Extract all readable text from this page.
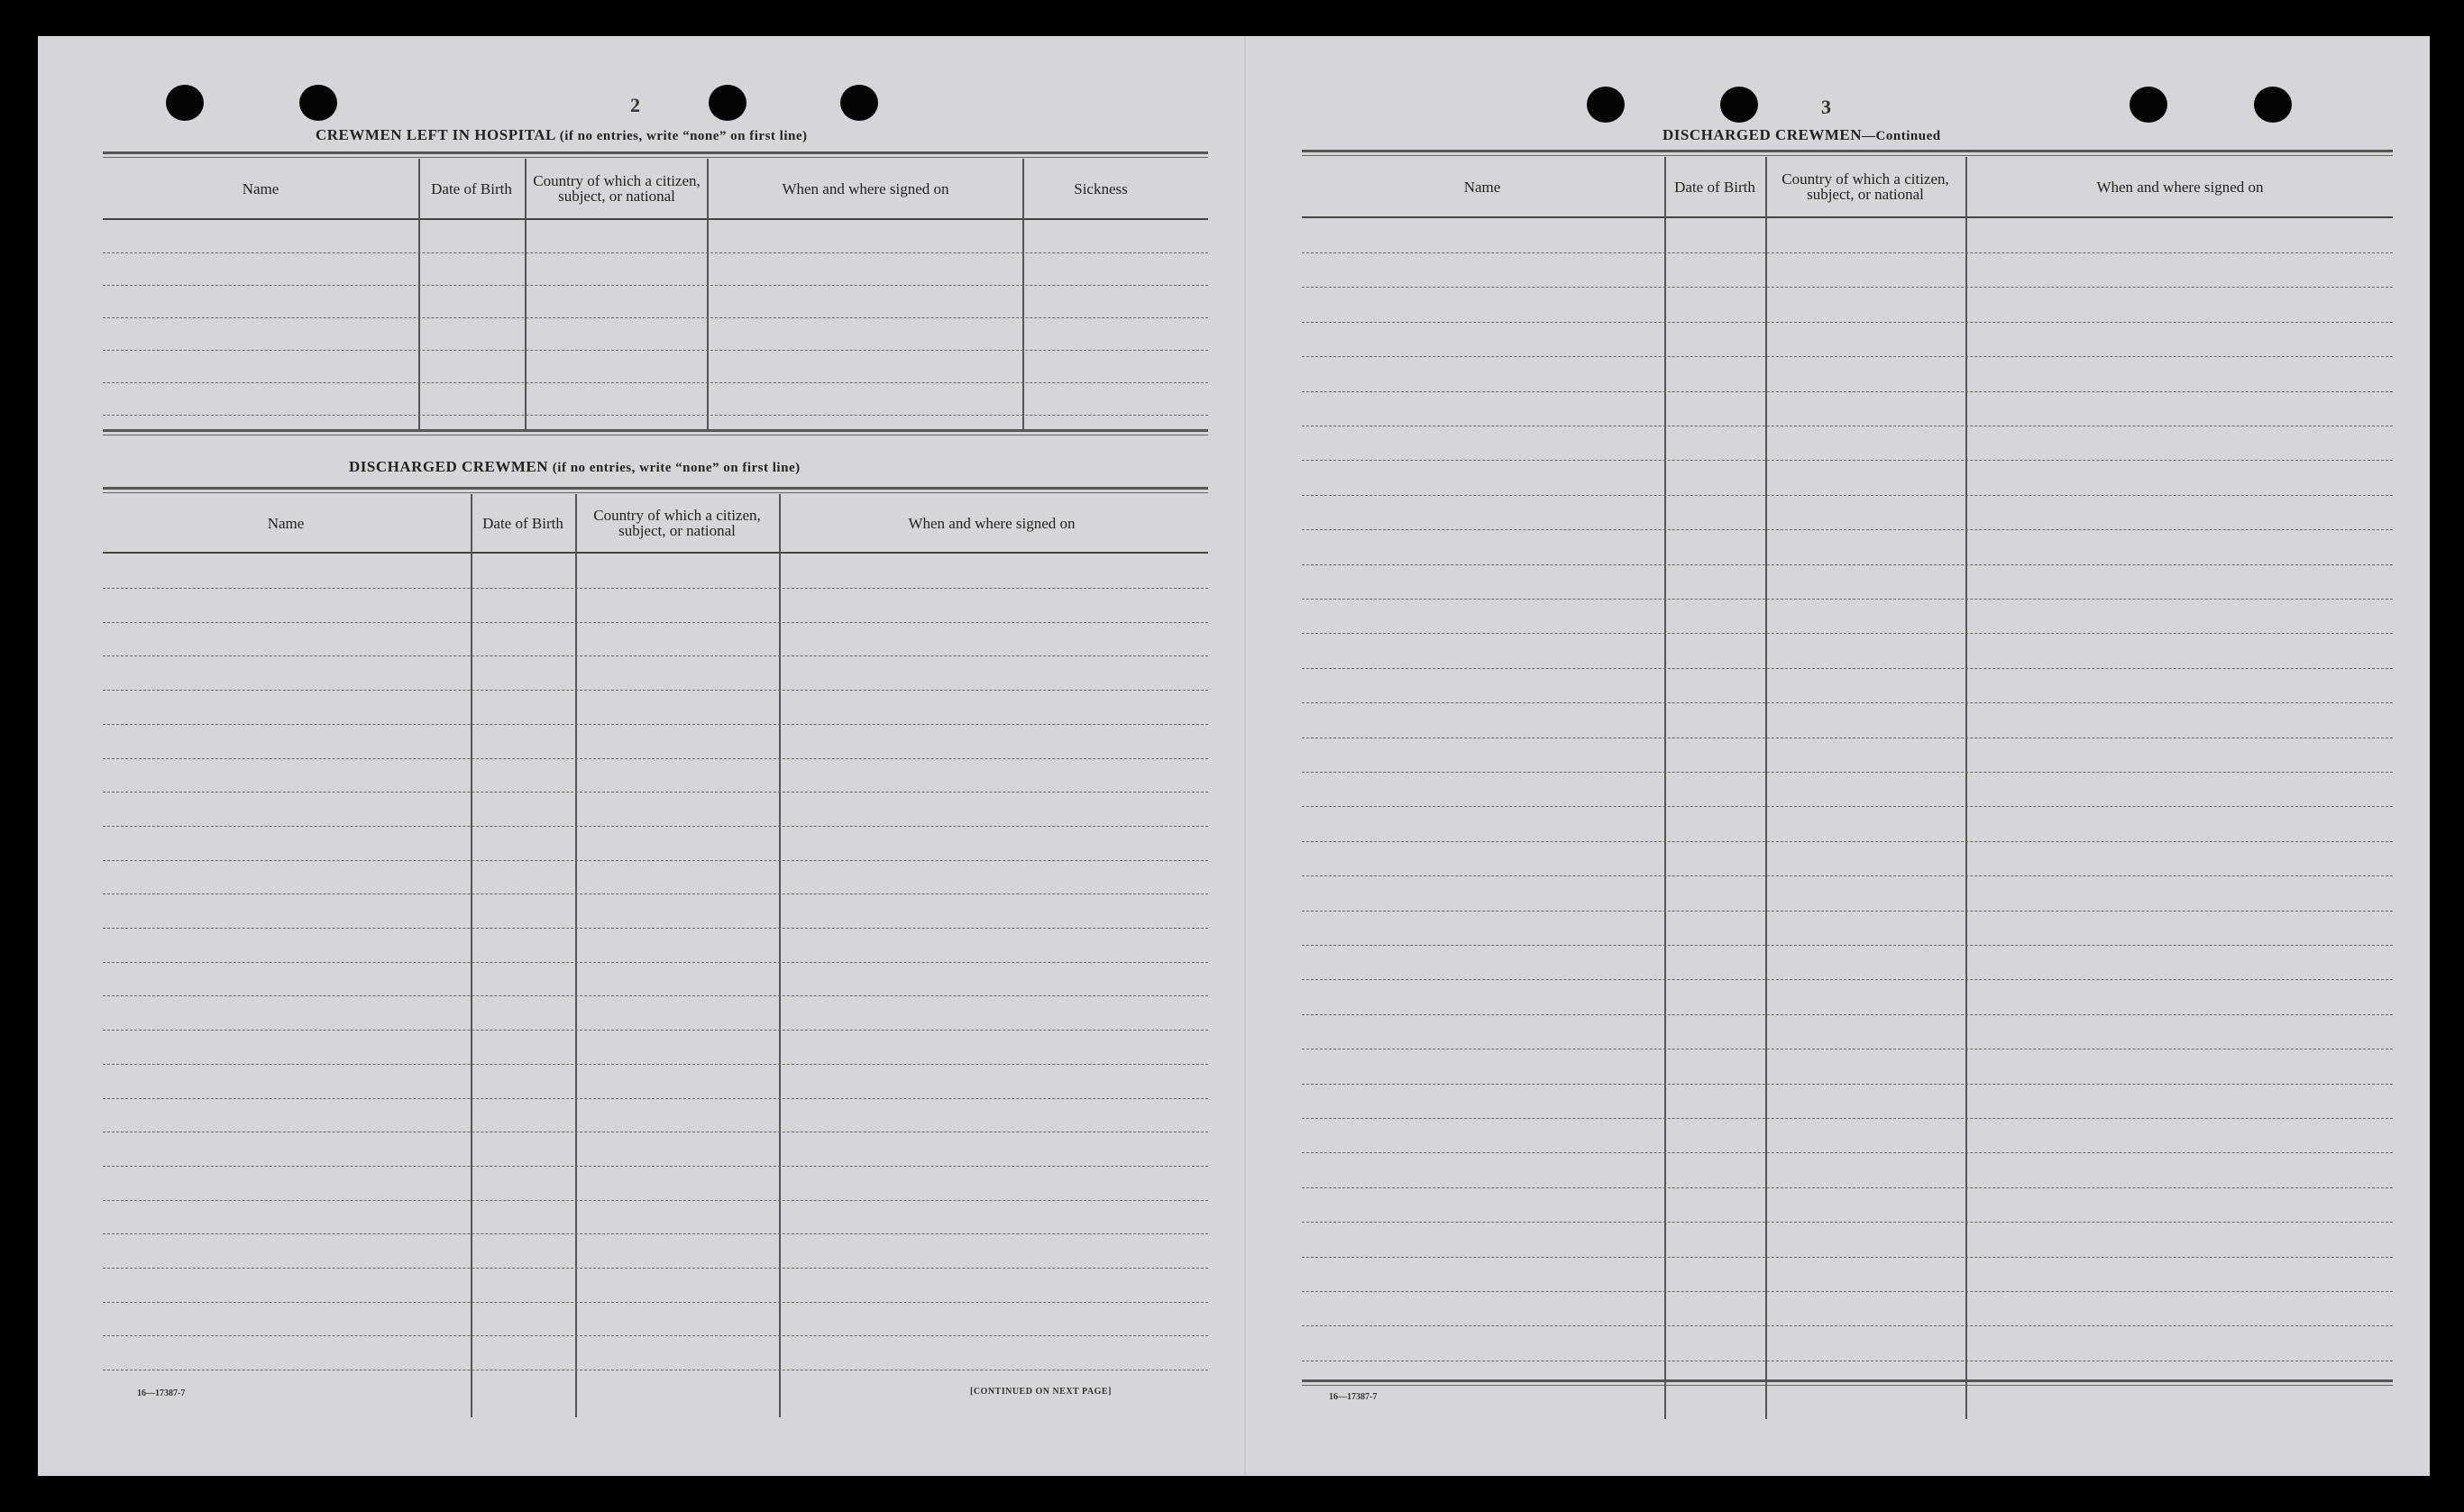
2	3
CREWMEN LEFT IN HOSPITAL (if no entries, write “none” on first line)
Name	Date of Birth	Country of which a citizen, subject, or national	When and where signed on	Sickness
DISCHARGED CREWMEN (if no entries, write “none” on first line)
Name	Date of Birth	Country of which a citizen, subject, or national	When and where signed on
16—17387-7	[CONTINUED ON NEXT PAGE]
DISCHARGED CREWMEN—Continued
Name	Date of Birth	Country of which a citizen, subject, or national	When and where signed on
16—17387-7
